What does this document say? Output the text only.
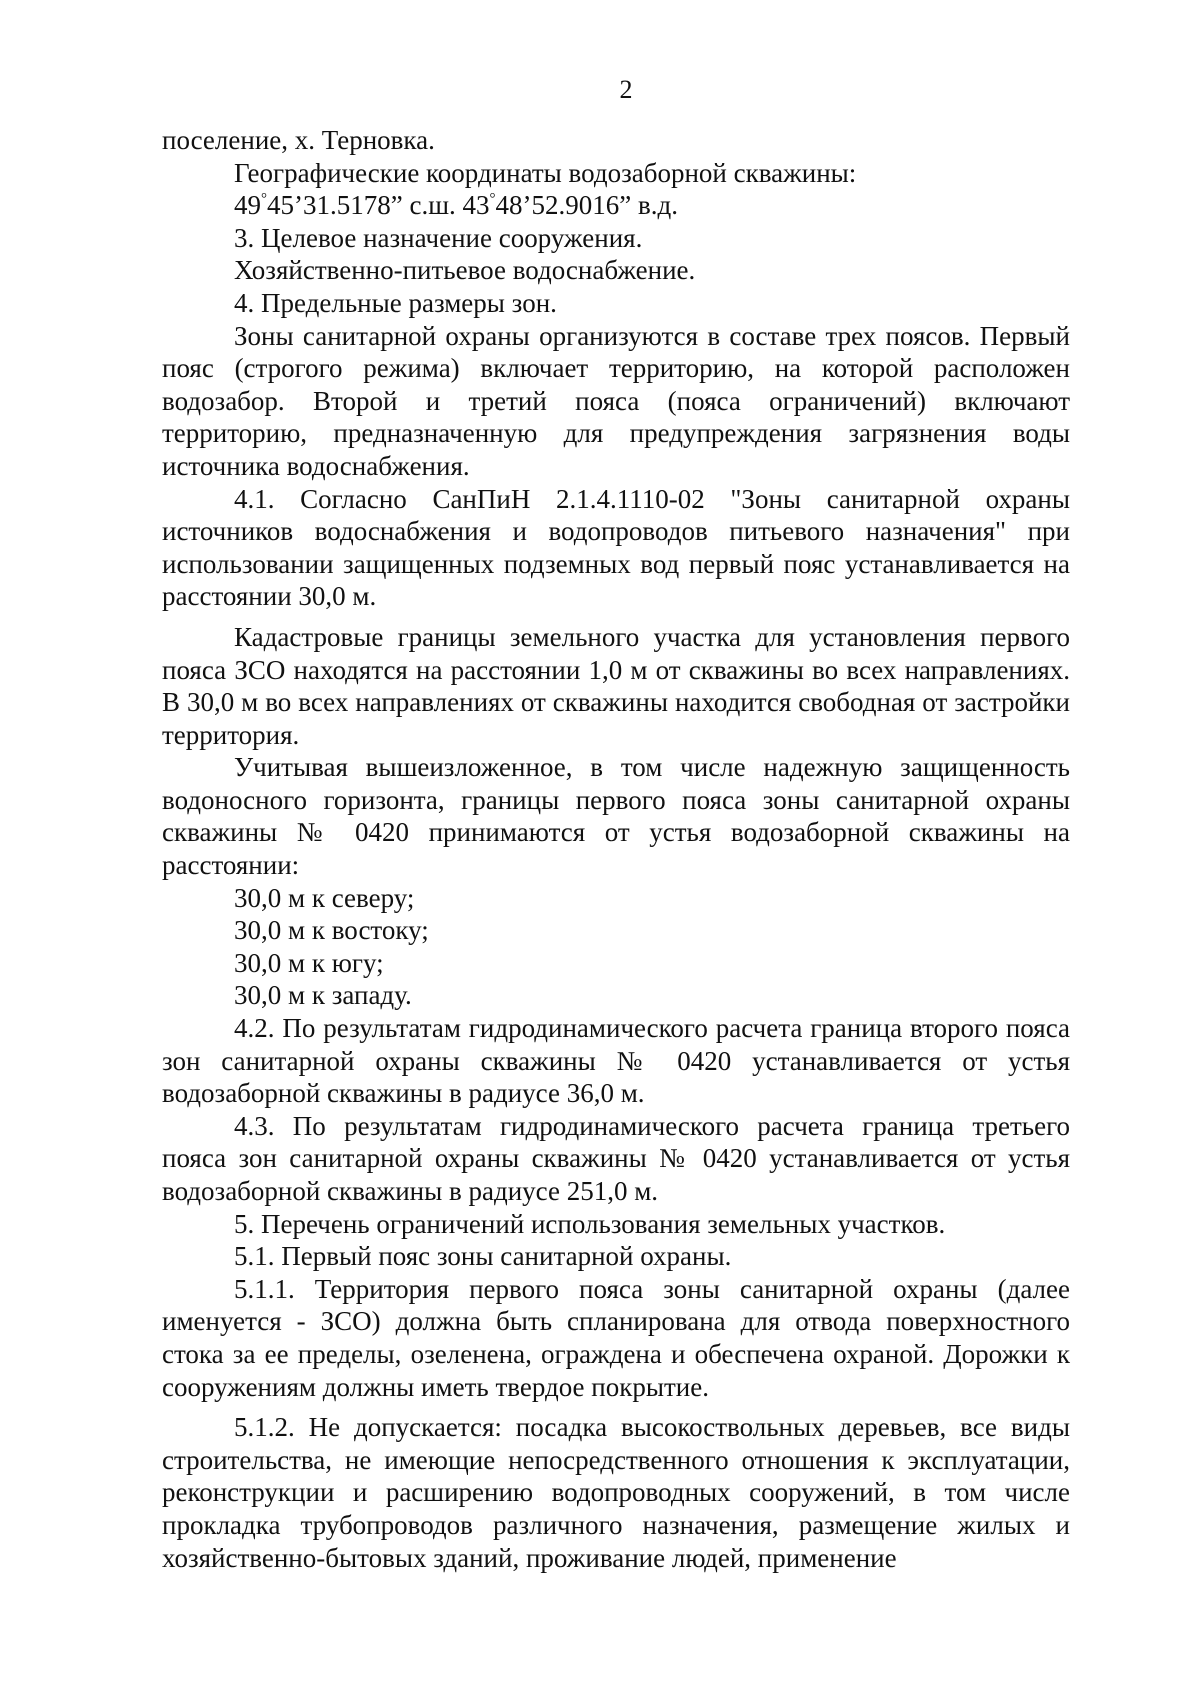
2

поселение, х. Терновка.

Географические координаты водозаборной скважины:

49°45’31.5178” с.ш. 43°48’52.9016” в.д.

3. Целевое назначение сооружения.

Хозяйственно-питьевое водоснабжение.

4. Предельные размеры зон.

Зоны санитарной охраны организуются в составе трех поясов. Первый пояс (строгого режима) включает территорию, на которой расположен водозабор. Второй и третий пояса (пояса ограничений) включают территорию, предназначенную для предупреждения загрязнения воды источника водоснабжения.

4.1. Согласно СанПиН 2.1.4.1110-02 "Зоны санитарной охраны источников водоснабжения и водопроводов питьевого назначения" при использовании защищенных подземных вод первый пояс устанавливается на расстоянии 30,0 м.

Кадастровые границы земельного участка для установления первого пояса ЗСО находятся на расстоянии 1,0 м от скважины во всех направлениях. В 30,0 м во всех направлениях от скважины находится свободная от застройки территория.

Учитывая вышеизложенное, в том числе надежную защищенность водоносного горизонта, границы первого пояса зоны санитарной охраны скважины № 0420 принимаются от устья водозаборной скважины на расстоянии:

30,0 м к северу;

30,0 м к востоку;

30,0 м к югу;

30,0 м к западу.

4.2. По результатам гидродинамического расчета граница второго пояса зон санитарной охраны скважины № 0420 устанавливается от устья водозаборной скважины в радиусе 36,0 м.

4.3. По результатам гидродинамического расчета граница третьего пояса зон санитарной охраны скважины № 0420 устанавливается от устья водозаборной скважины в радиусе 251,0 м.

5. Перечень ограничений использования земельных участков.

5.1. Первый пояс зоны санитарной охраны.

5.1.1. Территория первого пояса зоны санитарной охраны (далее именуется - ЗСО) должна быть спланирована для отвода поверхностного стока за ее пределы, озеленена, ограждена и обеспечена охраной. Дорожки к сооружениям должны иметь твердое покрытие.

5.1.2. Не допускается: посадка высокоствольных деревьев, все виды строительства, не имеющие непосредственного отношения к эксплуатации, реконструкции и расширению водопроводных сооружений, в том числе прокладка трубопроводов различного назначения, размещение жилых и хозяйственно-бытовых зданий, проживание людей, применение
